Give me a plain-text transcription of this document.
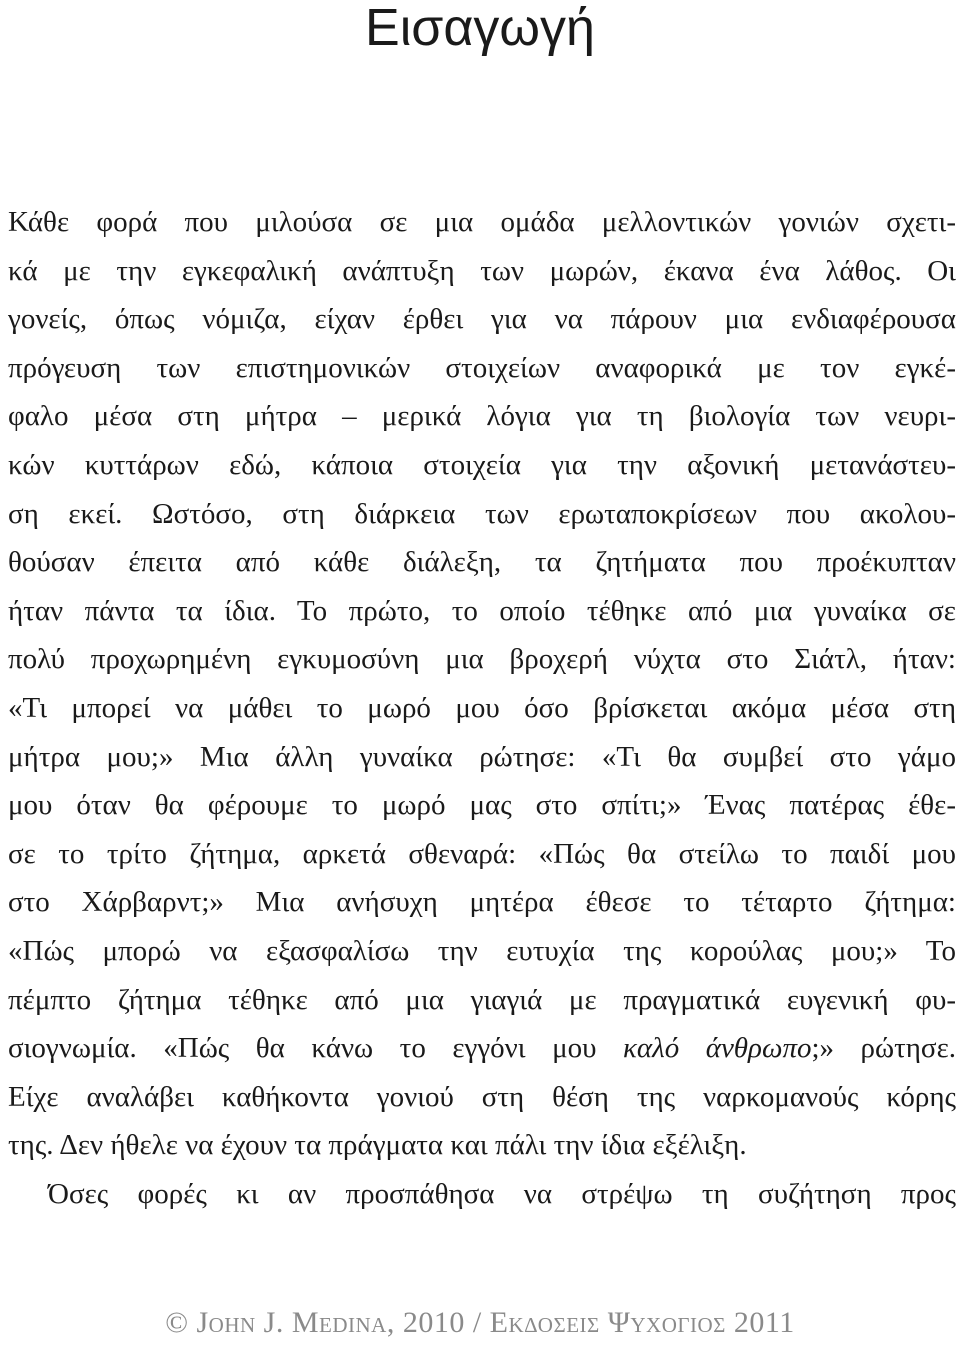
Εισαγωγή
Κάθε φορά που μιλούσα σε μια ομάδα μελλοντικών γονιών σχετι-
κά με την εγκεφαλική ανάπτυξη των μωρών, έκανα ένα λάθος. Οι
γονείς, όπως νόμιζα, είχαν έρθει για να πάρουν μια ενδιαφέρουσα
πρόγευση των επιστημονικών στοιχείων αναφορικά με τον εγκέ-
φαλο μέσα στη μήτρα – μερικά λόγια για τη βιολογία των νευρι-
κών κυττάρων εδώ, κάποια στοιχεία για την αξονική μετανάστευ-
ση εκεί. Ωστόσο, στη διάρκεια των ερωταποκρίσεων που ακολου-
θούσαν έπειτα από κάθε διάλεξη, τα ζητήματα που προέκυπταν
ήταν πάντα τα ίδια. Το πρώτο, το οποίο τέθηκε από μια γυναίκα σε
πολύ προχωρημένη εγκυμοσύνη μια βροχερή νύχτα στο Σιάτλ, ήταν:
«Τι μπορεί να μάθει το μωρό μου όσο βρίσκεται ακόμα μέσα στη
μήτρα μου;» Μια άλλη γυναίκα ρώτησε: «Τι θα συμβεί στο γάμο
μου όταν θα φέρουμε το μωρό μας στο σπίτι;» Ένας πατέρας έθε-
σε το τρίτο ζήτημα, αρκετά σθεναρά: «Πώς θα στείλω το παιδί μου
στο Χάρβαρντ;» Μια ανήσυχη μητέρα έθεσε το τέταρτο ζήτημα:
«Πώς μπορώ να εξασφαλίσω την ευτυχία της κορούλας μου;» Το
πέμπτο ζήτημα τέθηκε από μια γιαγιά με πραγματικά ευγενική φυ-
σιογνωμία. «Πώς θα κάνω το εγγόνι μου καλό άνθρωπο;» ρώτησε.
Είχε αναλάβει καθήκοντα γονιού στη θέση της ναρκομανούς κόρης
της. Δεν ήθελε να έχουν τα πράγματα και πάλι την ίδια εξέλιξη.
Όσες φορές κι αν προσπάθησα να στρέψω τη συζήτηση προς
© John J. Medina, 2010 / Εκδοσεις Ψυχογιος 2011
